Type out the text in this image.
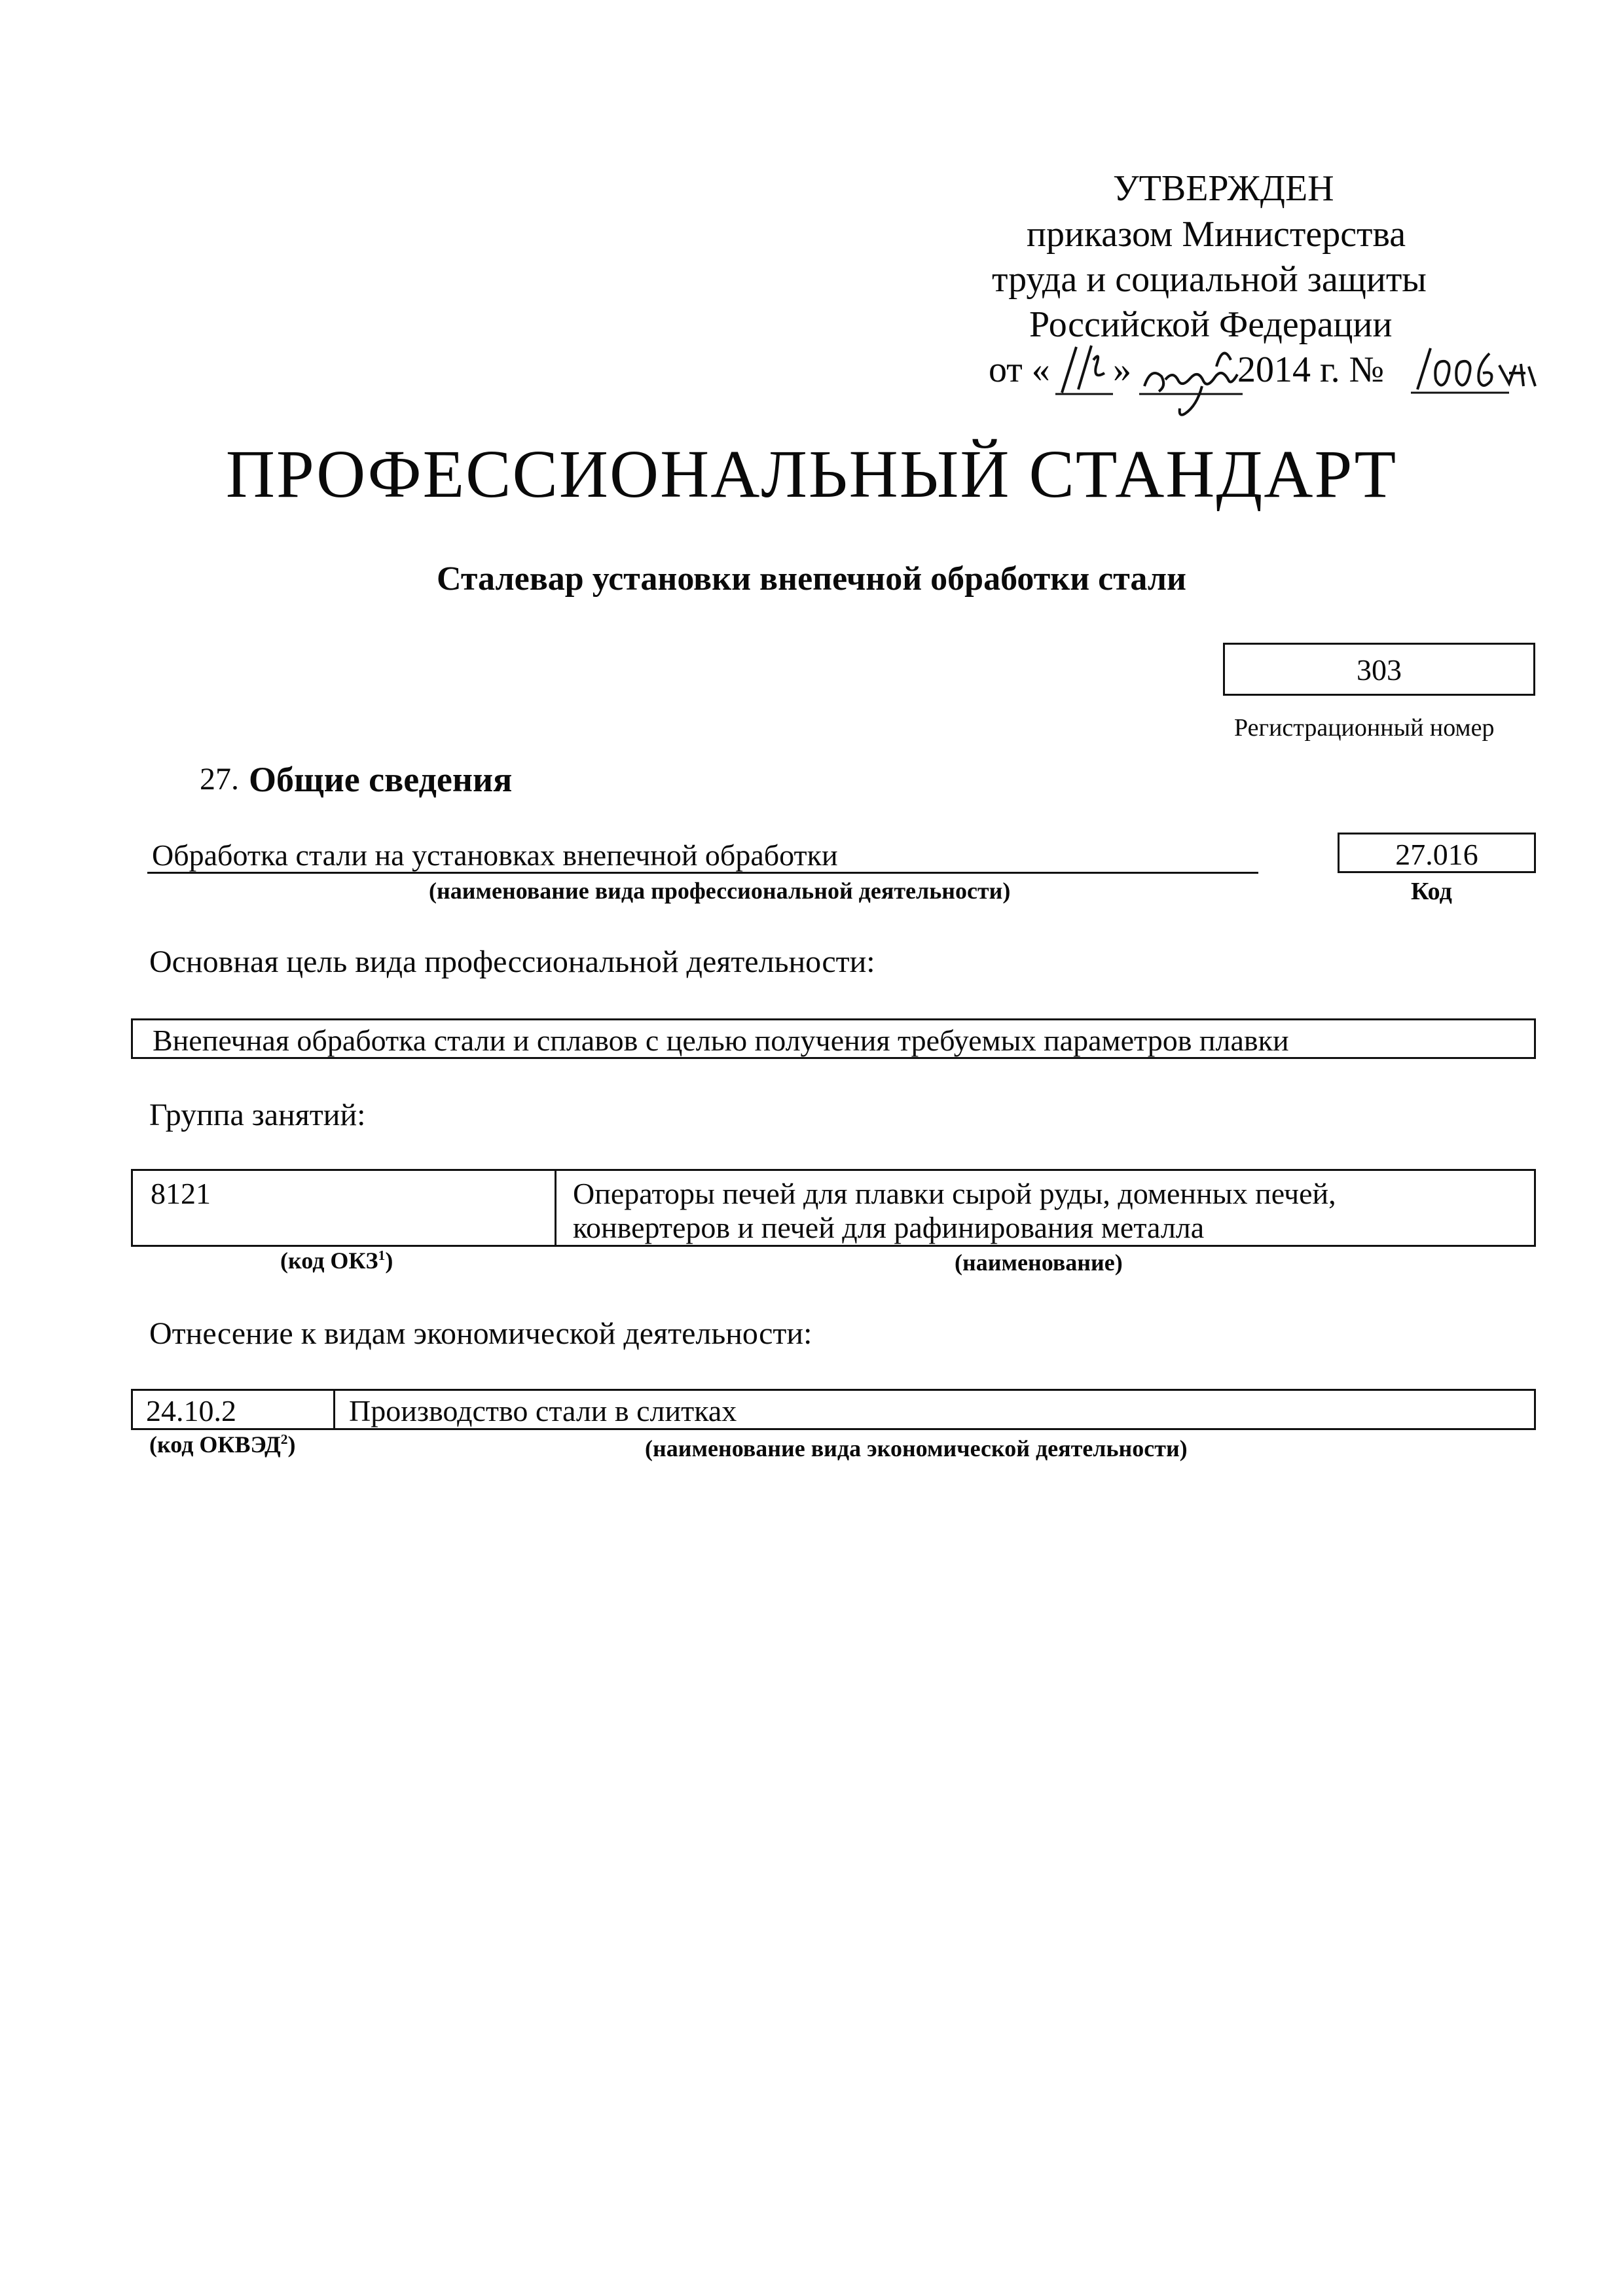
УТВЕРЖДЕН
приказом Министерства
труда и социальной защиты
Российской Федерации
от « »	2014 г. №
ПРОФЕССИОНАЛЬНЫЙ СТАНДАРТ
Сталевар установки внепечной обработки стали
303
Регистрационный номер
27. Общие сведения
Обработка стали на установках внепечной обработки
(наименование вида профессиональной деятельности)
27.016
Код
Основная цель вида профессиональной деятельности:
Внепечная обработка стали и сплавов с целью получения требуемых параметров плавки
Группа занятий:
8121	Операторы печей для плавки сырой руды, доменных печей,
конвертеров и печей для рафинирования металла
(код ОКЗ$^1$)	(наименование)
Отнесение к видам экономической деятельности:
24.10.2	Производство стали в слитках
(код ОКВЭД$^2$)	(наименование вида экономической деятельности)
